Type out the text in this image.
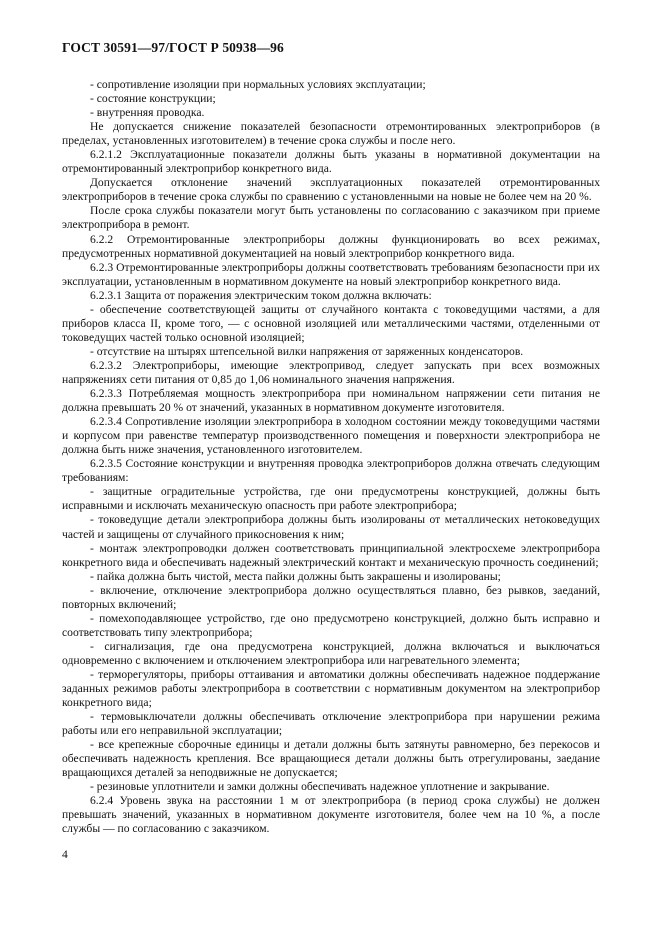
ГОСТ 30591—97/ГОСТ Р 50938—96

- сопротивление изоляции при нормальных условиях эксплуатации;

- состояние конструкции;

- внутренняя проводка.

Не допускается снижение показателей безопасности отремонтированных электроприборов (в пределах, установленных изготовителем) в течение срока службы и после него.

6.2.1.2 Эксплуатационные показатели должны быть указаны в нормативной документации на отремонтированный электроприбор конкретного вида.

Допускается отклонение значений эксплуатационных показателей отремонтированных электроприборов в течение срока службы по сравнению с установленными на новые не более чем на 20 %.

После срока службы показатели могут быть установлены по согласованию с заказчиком при приеме электроприбора в ремонт.

6.2.2 Отремонтированные электроприборы должны функционировать во всех режимах, предусмотренных нормативной документацией на новый электроприбор конкретного вида.

6.2.3 Отремонтированные электроприборы должны соответствовать требованиям безопасности при их эксплуатации, установленным в нормативном документе на новый электроприбор конкретного вида.

6.2.3.1 Защита от поражения электрическим током должна включать:

- обеспечение соответствующей защиты от случайного контакта с токоведущими частями, а для приборов класса II, кроме того, — с основной изоляцией или металлическими частями, отделенными от токоведущих частей только основной изоляцией;

- отсутствие на штырях штепсельной вилки напряжения от заряженных конденсаторов.

6.2.3.2 Электроприборы, имеющие электропривод, следует запускать при всех возможных напряжениях сети питания от 0,85 до 1,06 номинального значения напряжения.

6.2.3.3 Потребляемая мощность электроприбора при номинальном напряжении сети питания не должна превышать 20 % от значений, указанных в нормативном документе изготовителя.

6.2.3.4 Сопротивление изоляции электроприбора в холодном состоянии между токоведущими частями и корпусом при равенстве температур производственного помещения и поверхности электроприбора не должна быть ниже значения, установленного изготовителем.

6.2.3.5 Состояние конструкции и внутренняя проводка электроприборов должна отвечать следующим требованиям:

- защитные оградительные устройства, где они предусмотрены конструкцией, должны быть исправными и исключать механическую опасность при работе электроприбора;

- токоведущие детали электроприбора должны быть изолированы от металлических нетоковедущих частей и защищены от случайного прикосновения к ним;

- монтаж электропроводки должен соответствовать принципиальной электросхеме электроприбора конкретного вида и обеспечивать надежный электрический контакт и механическую прочность соединений;

- пайка должна быть чистой, места пайки должны быть закрашены и изолированы;

- включение, отключение электроприбора должно осуществляться плавно, без рывков, заеданий, повторных включений;

- помехоподавляющее устройство, где оно предусмотрено конструкцией, должно быть исправно и соответствовать типу электроприбора;

- сигнализация, где она предусмотрена конструкцией, должна включаться и выключаться одновременно с включением и отключением электроприбора или нагревательного элемента;

- терморегуляторы, приборы оттаивания и автоматики должны обеспечивать надежное поддержание заданных режимов работы электроприбора в соответствии с нормативным документом на электроприбор конкретного вида;

- термовыключатели должны обеспечивать отключение электроприбора при нарушении режима работы или его неправильной эксплуатации;

- все крепежные сборочные единицы и детали должны быть затянуты равномерно, без перекосов и обеспечивать надежность крепления. Все вращающиеся детали должны быть отрегулированы, заедание вращающихся деталей за неподвижные не допускается;

- резиновые уплотнители и замки должны обеспечивать надежное уплотнение и закрывание.

6.2.4 Уровень звука на расстоянии 1 м от электроприбора (в период срока службы) не должен превышать значений, указанных в нормативном документе изготовителя, более чем на 10 %, а после службы — по согласованию с заказчиком.

4
